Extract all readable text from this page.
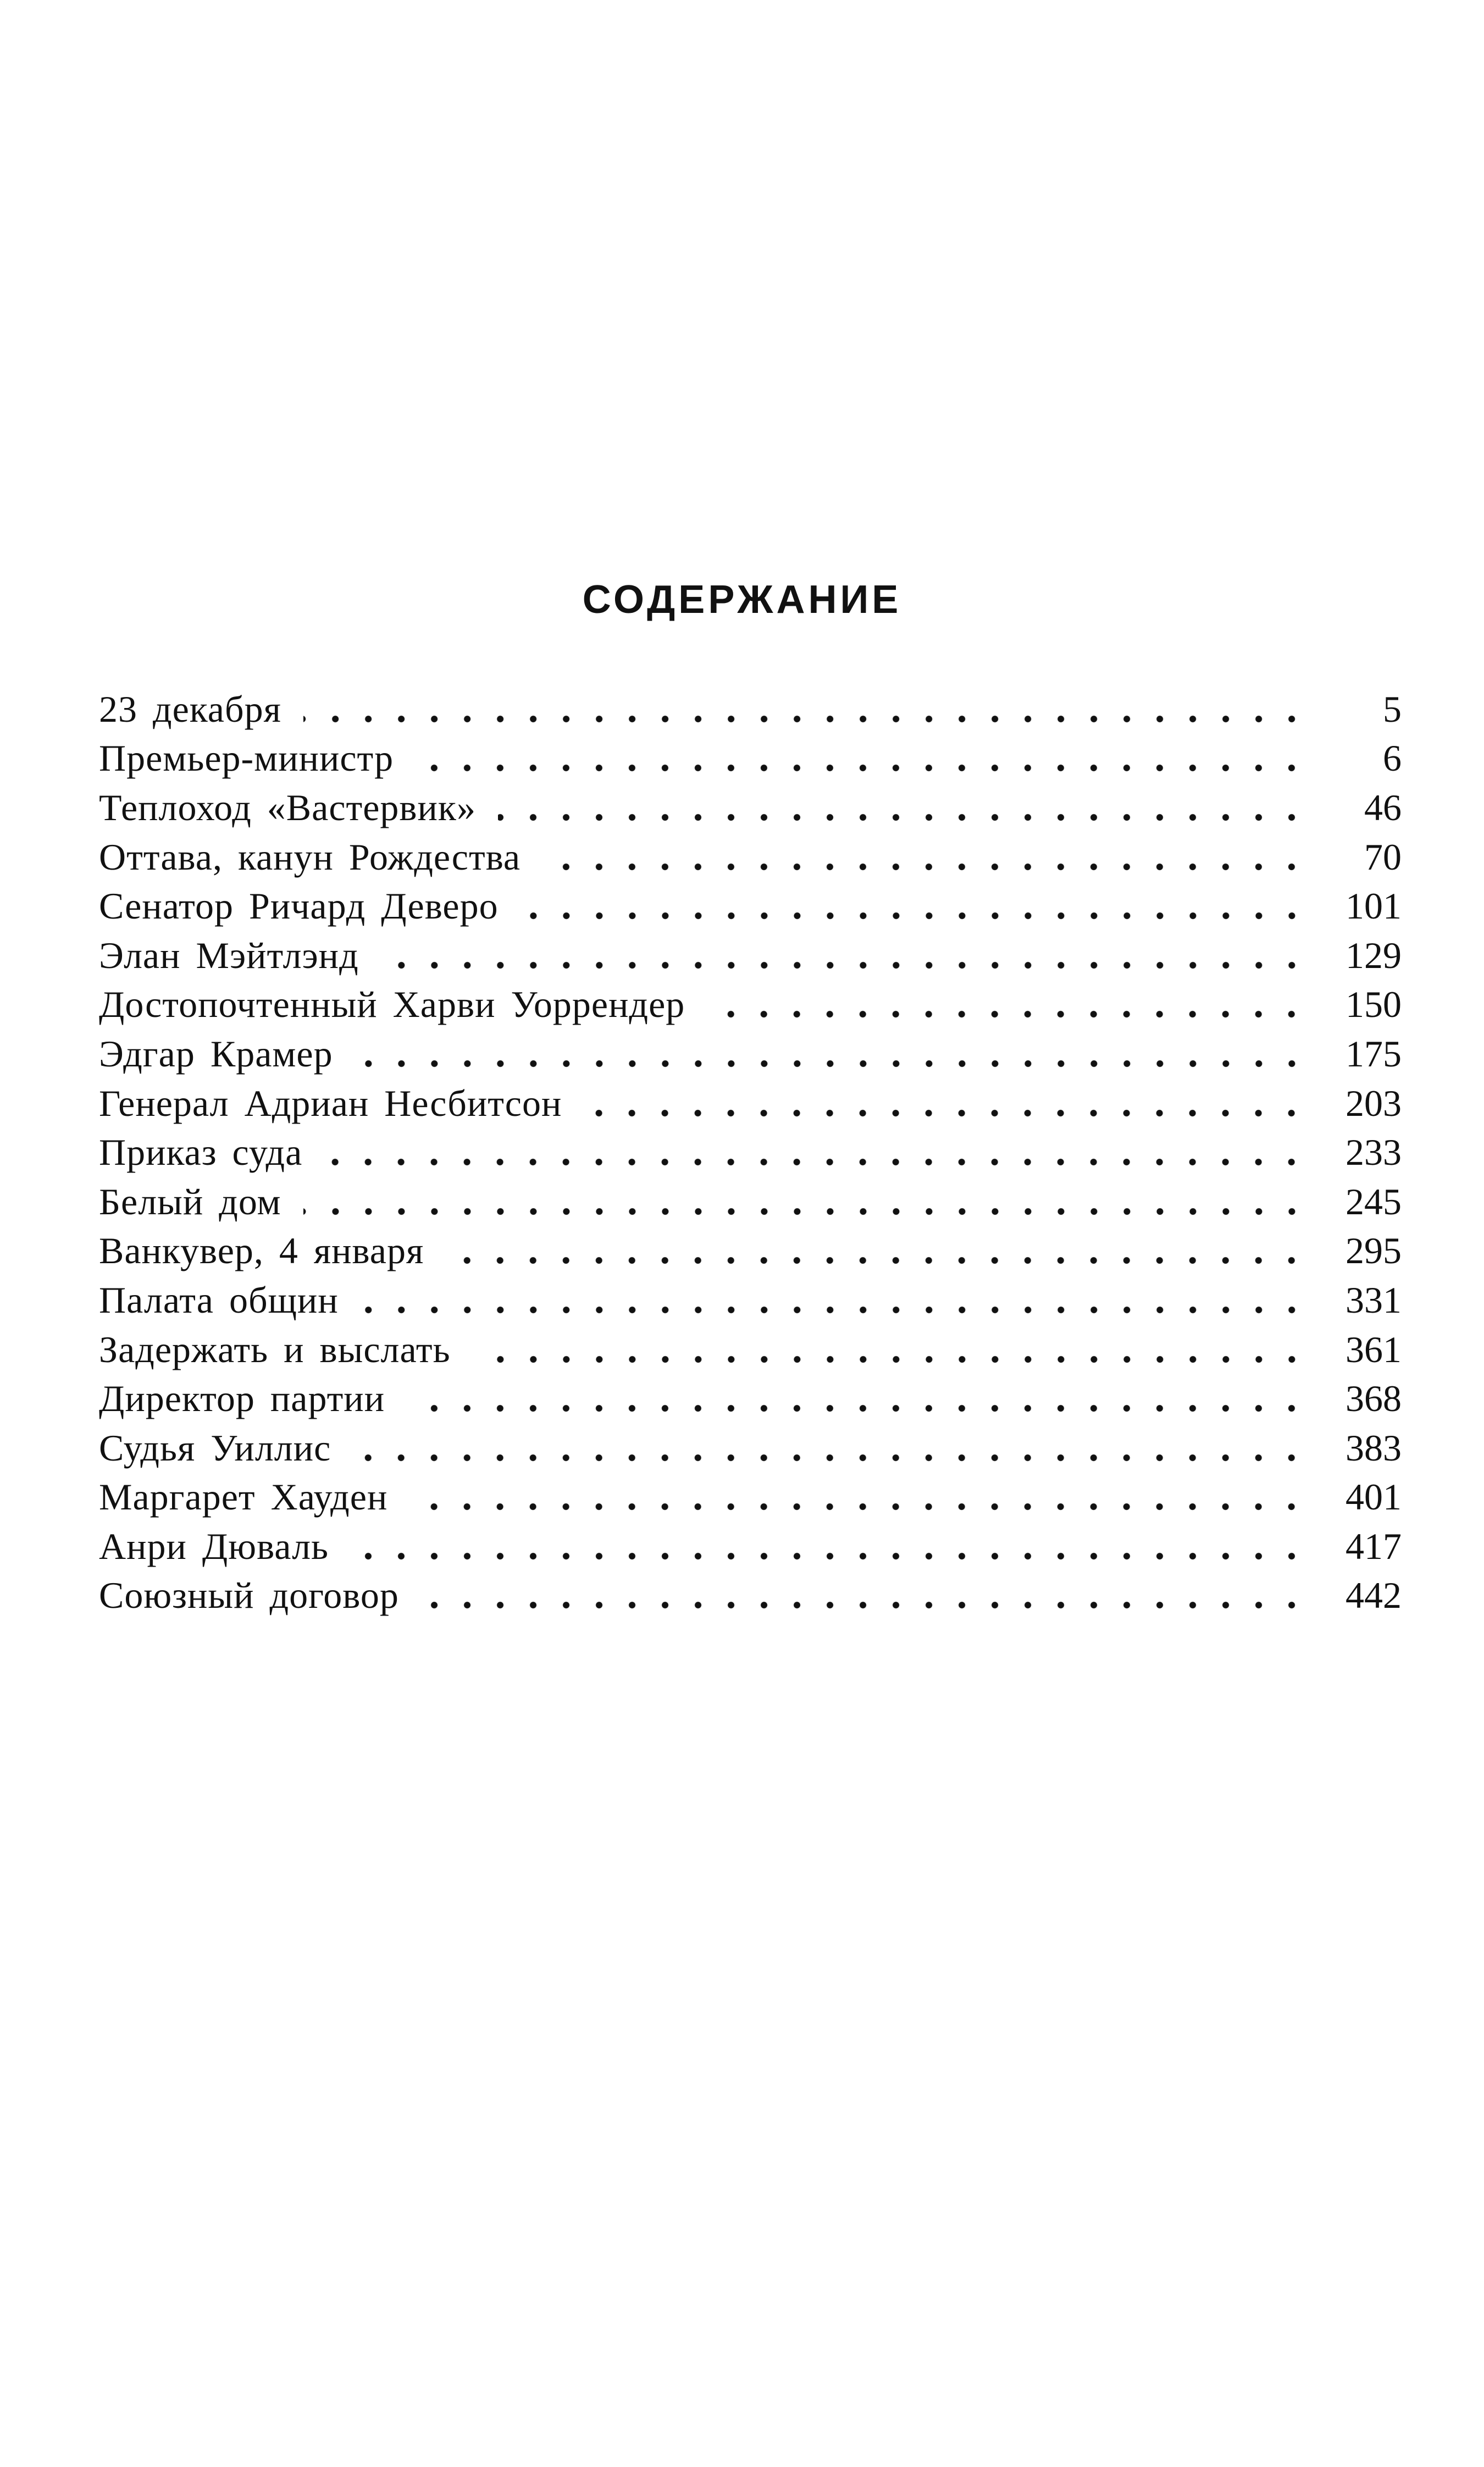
СОДЕРЖАНИЕ
23 декабря	5
Премьер-министр	6
Теплоход «Вастервик»	46
Оттава, канун Рождества	70
Сенатор Ричард Деверо	101
Элан Мэйтлэнд	129
Достопочтенный Харви Уоррендер	150
Эдгар Крамер	175
Генерал Адриан Несбитсон	203
Приказ суда	233
Белый дом	245
Ванкувер, 4 января	295
Палата общин	331
Задержать и выслать	361
Директор партии	368
Судья Уиллис	383
Маргарет Хауден	401
Анри Дюваль	417
Союзный договор	442
